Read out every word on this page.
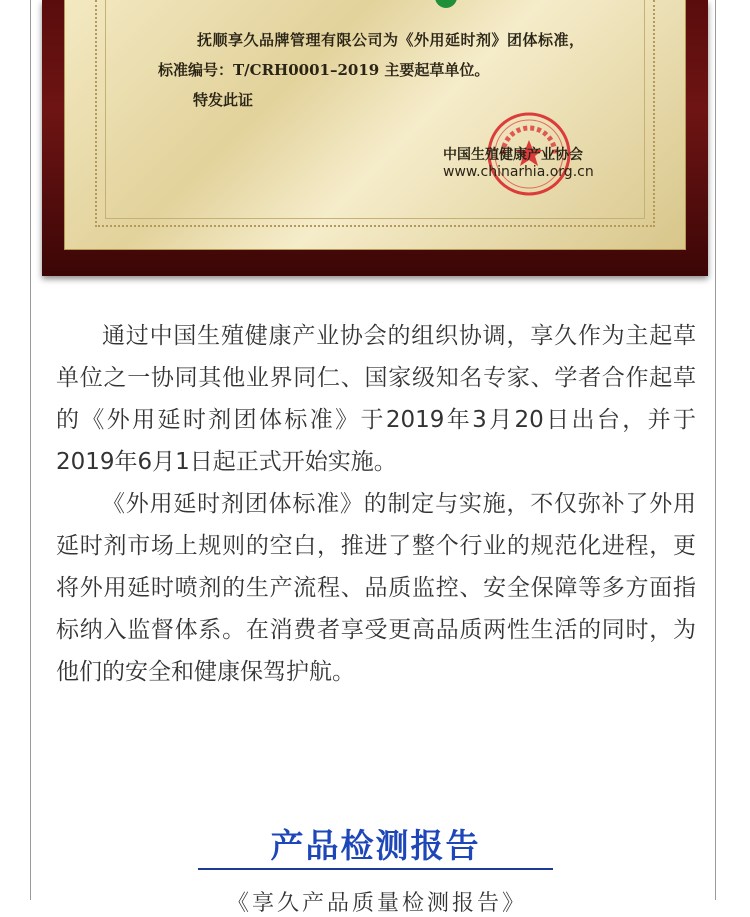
抚顺享久品牌管理有限公司为《外用延时剂》团体标准，
标准编号：T/CRH0001–2019 主要起草单位。
特发此证
中国生殖健康产业协会
www.chinarhia.org.cn

通过中国生殖健康产业协会的组织协调，享久作为主起草单位之一协同其他业界同仁、国家级知名专家、学者合作起草的《外用延时剂团体标准》于2019年3月20日出台，并于2019年6月1日起正式开始实施。

《外用延时剂团体标准》的制定与实施，不仅弥补了外用延时剂市场上规则的空白，推进了整个行业的规范化进程，更将外用延时喷剂的生产流程、品质监控、安全保障等多方面指标纳入监督体系。在消费者享受更高品质两性生活的同时，为他们的安全和健康保驾护航。

产品检测报告
《享久产品质量检测报告》
